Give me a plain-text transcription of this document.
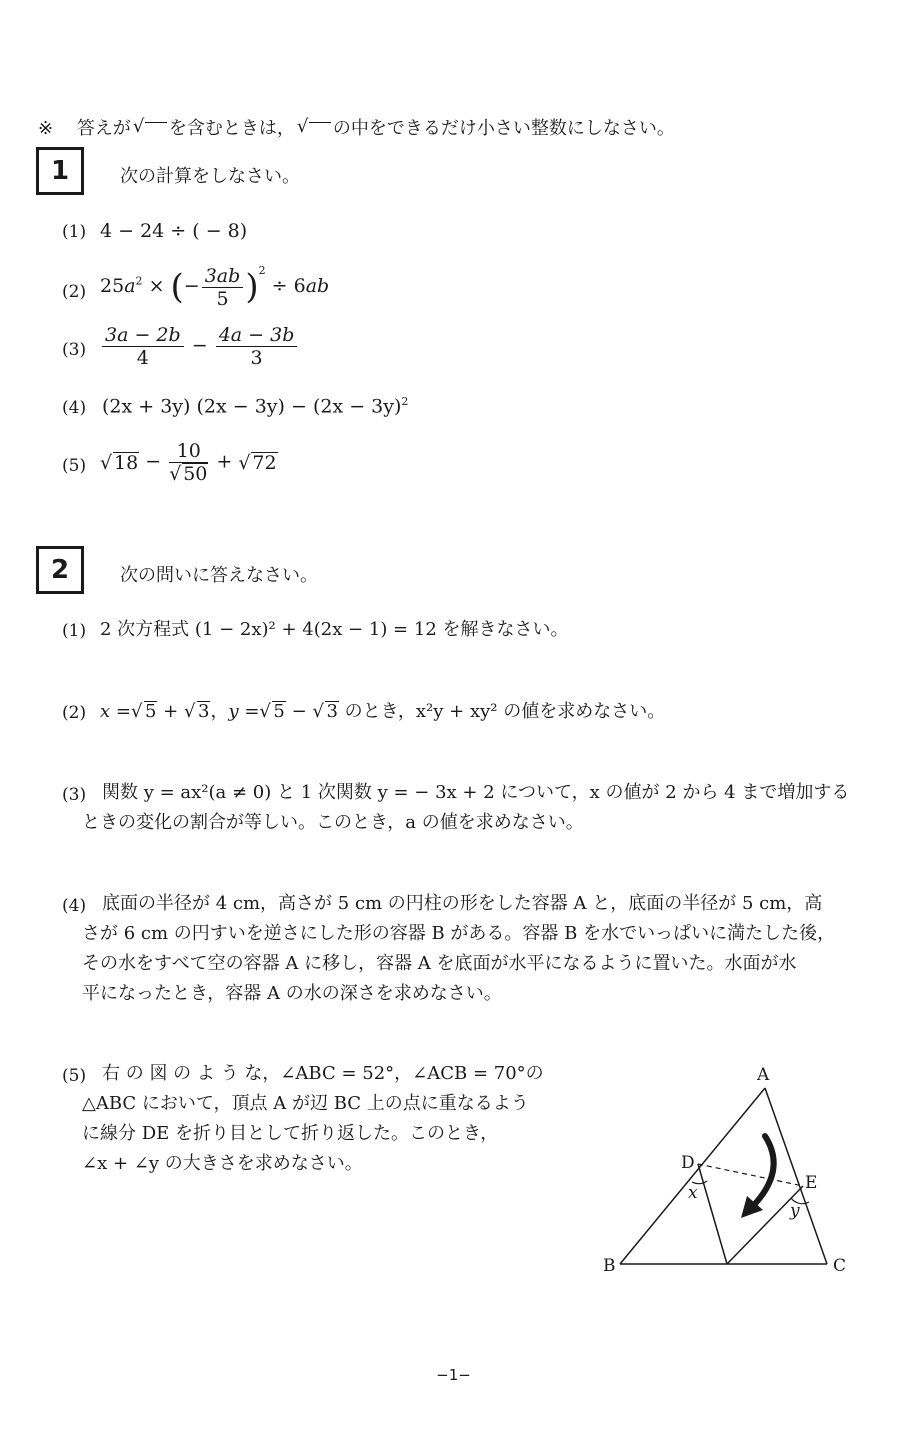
※ 答えが √ を含むときは， √ の中をできるだけ小さい整数にしなさい。
1	次の計算をしなさい。
(1) 4 − 24 ÷ ( − 8)
(2) $25a^2$ × (− $\frac{3ab}{5} )^2 \div 6ab$
$(3) \frac{3a - 2b}{4} - \frac{4a - 3b}{3}$
(4) (2x + 3y) $(2x - 3y) - (2x - 3y)^2$
(5)	√ 18 − 10
√ 50 + √ 72
2	次の問いに答えなさい。
(1) 2 次方程式 (1 − 2x)² + 4(2x − 1) = 12 を解きなさい。
(2) x = √ 5 + √ 3，y = √ 5 − √ 3 のとき，x²y + xy² の値を求めなさい。
(3) 関数 y = ax²(a ≠ 0) と 1 次関数 y = − 3x + 2 について，x の値が 2 から 4 まで増加する

ときの変化の割合が等しい。このとき，a の値を求めなさい。

(4) 底面の半径が 4 cm，高さが 5 cm の円柱の形をした容器 A と，底面の半径が 5 cm，高

さが 6 cm の円すいを逆さにした形の容器 B がある。容器 B を水でいっぱいに満たした後，

その水をすべて空の容器 A に移し，容器 A を底面が水平になるように置いた。水面が水

平になったとき，容器 A の水の深さを求めなさい。

(5) 右 の 図 の よ う な，∠ABC = 52°，∠ACB = 70°の

△ABC において，頂点 A が辺 BC 上の点に重なるよう

に線分 DE を折り目として折り返した。このとき，

∠x + ∠y の大きさを求めなさい。

A
B	C
D
E
x
y
−1−
